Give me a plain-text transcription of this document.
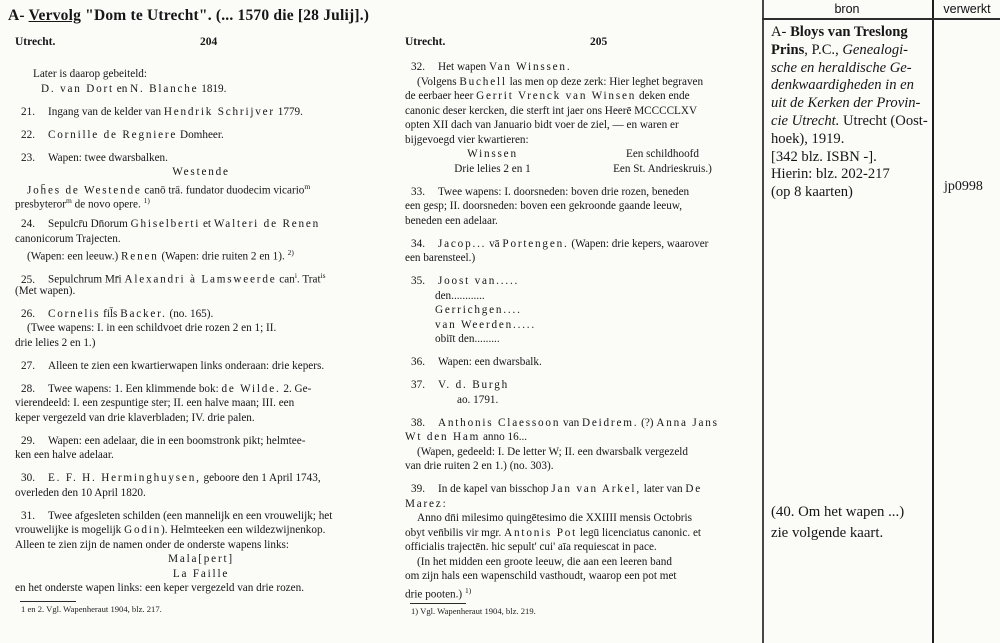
A- Vervolg "Dom te Utrecht". (... 1570 die [28 Julij].)
Utrecht.	204
Later is daarop gebeiteld:
D. van Dort en N. Blanche 1819.
21. Ingang van de kelder van Hendrik Schrijver 1779.
22. Cornille de Regniere Domheer.
23. Wapen: twee dwarsbalken.
Westende
Joh̄es de Westende canō trā. fundator duodecim vicario$^m$
presbyteror$^m$ de novo opere. $^{1)}$
24. Sepulcr̄u Dn̄orum Ghiselberti et Walteri de Renen
canonicorum Trajecten.
(Wapen: een leeuw.) Renen (Wapen: drie ruiten 2 en 1). $^{2)}$
25. Sepulchrum Mr̄i Alexandri à Lamsweerde can$^i$. Trat$^{is}$
(Met wapen).
26. Cornelis fil̄s Backer. (no. 165).
(Twee wapens: I. in een schildvoet drie rozen 2 en 1; II.
drie lelies 2 en 1.)
27. Alleen te zien een kwartierwapen links onderaan: drie kepers.
28. Twee wapens: 1. Een klimmende bok: de Wilde. 2. Ge-
vierendeeld: I. een zespuntige ster; II. een halve maan; III. een
keper vergezeld van drie klaverbladen; IV. drie palen.
29. Wapen: een adelaar, die in een boomstronk pikt; helmtee-
ken een halve adelaar.
30. E. F. H. Herminghuysen, geboore den 1 April 1743,
overleden den 10 April 1820.
31. Twee afgesleten schilden (een mannelijk en een vrouwelijk; het
vrouwelijke is mogelijk Godin). Helmteeken een wildezwijnenkop.
Alleen te zien zijn de namen onder de onderste wapens links:
Mala[pert]
La Faille
en het onderste wapen links: een keper vergezeld van drie rozen.
1 en 2. Vgl. Wapenheraut 1904, blz. 217.
Utrecht.	205
32. Het wapen Van Winssen.
(Volgens Buchell las men op deze zerk: Hier leghet begraven
de eerbaer heer Gerrit Vrenck van Winsen deken ende
canonic deser kercken, die sterft int jaer ons Heerē MCCCCLXV
opten XII dach van Januario bidt voer de ziel, — en waren er
bijgevoegd vier kwartieren:
Winssen	Een schildhoofd
Drie lelies 2 en 1	Een St. Andrieskruis.)
33. Twee wapens: I. doorsneden: boven drie rozen, beneden
een gesp; II. doorsneden: boven een gekroonde gaande leeuw,
beneden een adelaar.
34. Jacop... vā Portengen. (Wapen: drie kepers, waarover
een barensteel.)
35. Joost van.....
den............
Gerrichgen....
van Weerden.....
obiīt den.........
36. Wapen: een dwarsbalk.
37. V. d. Burgh
ao. 1791.
38. Anthonis Claessoon van Deidrem. (?) Anna Jans
Wt den Ham anno 16...
(Wapen, gedeeld: I. De letter W; II. een dwarsbalk vergezeld
van drie ruiten 2 en 1.) (no. 303).
39. In de kapel van bisschop Jan van Arkel, later van De
Marez:
Anno dn̄i milesimo quingētesimo die XXIIII mensis Octobris
obyt ven̄bilis vir mgr. Antonis Pot legū licenciatus canonic. et
officialis trajectēn. hic sepult' cui' aīa requiescat in pace.
(In het midden een groote leeuw, die aan een leeren band
om zijn hals een wapenschild vasthoudt, waarop een pot met
drie pooten.) $^{1)}$
1) Vgl. Wapenheraut 1904, blz. 219.
bron	verwerkt
A- Bloys van Treslong
Prins, P.C., Genealogi-
sche en heraldische Ge-
denkwaardigheden in en
uit de Kerken der Provin-
cie Utrecht. Utrecht (Oost-
hoek), 1919.
[342 blz. ISBN -].
Hierin: blz. 202-217
(op 8 kaarten)	jp0998
(40. Om het wapen ...)
zie volgende kaart.
